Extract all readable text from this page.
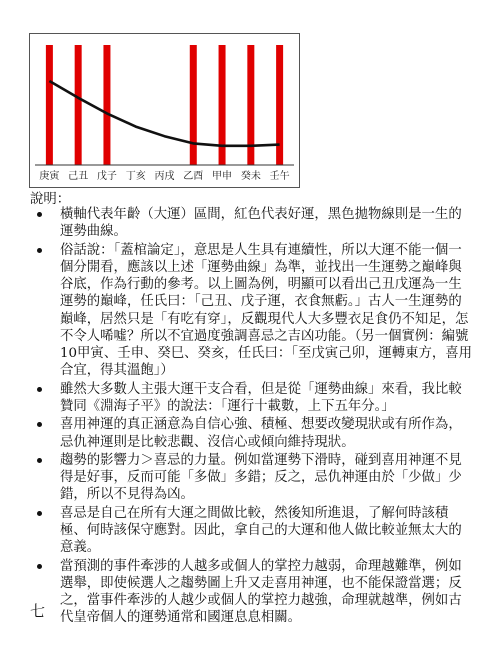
庚寅 己丑 戊子 丁亥 丙戌 乙酉 甲申 癸未 壬午
說明：
橫軸代表年齡（大運）區間，紅色代表好運，黑色拋物線則是一生的運勢曲線。
俗話說：「蓋棺論定」，意思是人生具有連續性，所以大運不能一個一個分開看，應該以上述「運勢曲線」為準，並找出一生運勢之巔峰與谷底，作為行動的參考。以上圖為例，明顯可以看出己丑戊運為一生運勢的巔峰，任氏曰：「己丑、戊子運，衣食無虧。」古人一生運勢的巔峰，居然只是「有吃有穿」，反觀現代人大多豐衣足食仍不知足，怎不令人唏噓？所以不宜過度強調喜忌之吉凶功能。（另一個實例：編號10甲寅、壬申、癸巳、癸亥，任氏曰：「至戊寅己卯，運轉東方，喜用合宜，得其溫飽」）
雖然大多數人主張大運干支合看，但是從「運勢曲線」來看，我比較贊同《淵海子平》的說法：「運行十載數，上下五年分。」
喜用神運的真正涵意為自信心強、積極、想要改變現狀或有所作為，忌仇神運則是比較悲觀、沒信心或傾向維持現狀。
趨勢的影響力＞喜忌的力量。例如當運勢下滑時，碰到喜用神運不見得是好事，反而可能「多做」多錯；反之，忌仇神運由於「少做」少錯，所以不見得為凶。
喜忌是自己在所有大運之間做比較，然後知所進退，了解何時該積極、何時該保守應對。因此，拿自己的大運和他人做比較並無太大的意義。
當預測的事件牽涉的人越多或個人的掌控力越弱，命理越難準，例如選舉，即使候選人之趨勢圖上升又走喜用神運，也不能保證當選；反之，當事件牽涉的人越少或個人的掌控力越強，命理就越準，例如古代皇帝個人的運勢通常和國運息息相關。
七
